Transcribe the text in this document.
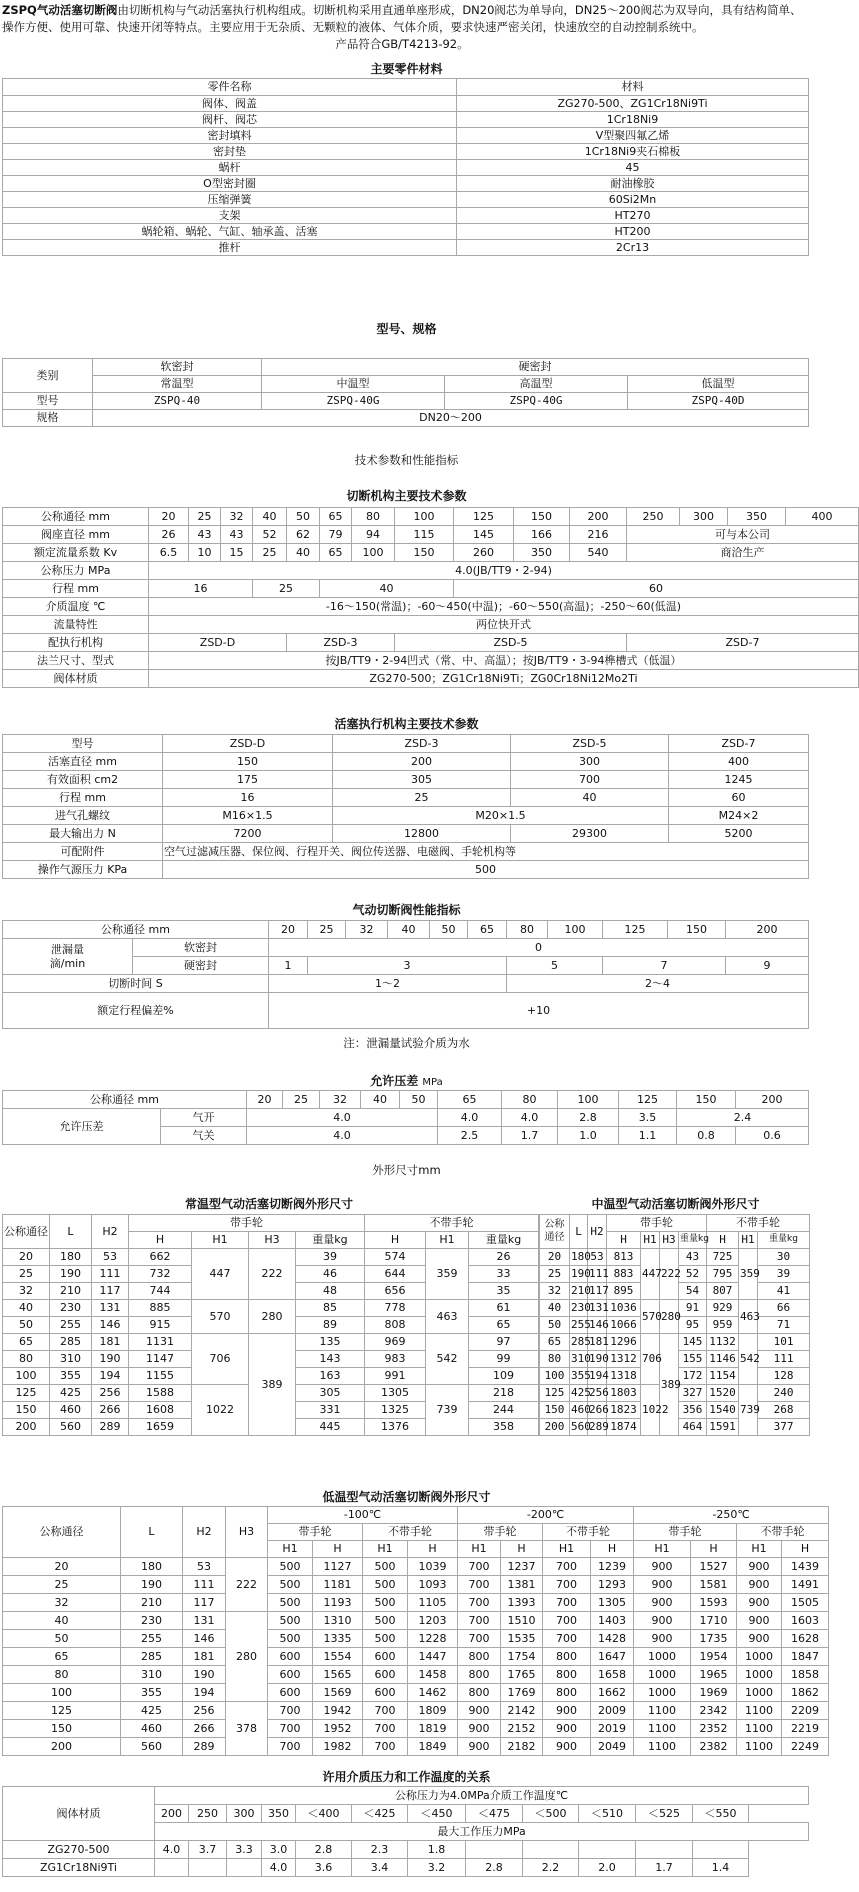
ZSPQ气动活塞切断阀由切断机构与气动活塞执行机构组成。切断机构采用直通单座形成，DN20阀芯为单导向，DN25～200阀芯为双导向，具有结构简单、操作方便、使用可靠、快速开闭等特点。主要应用于无杂质、无颗粒的液体、气体介质，要求快速严密关闭，快速放空的自动控制系统中。
产品符合GB/T4213-92。
主要零件材料
零件名称	材料
阀体、阀盖	ZG270-500、ZG1Cr18Ni9Ti
阀杆、阀芯	1Cr18Ni9
密封填料	V型聚四氟乙烯
密封垫	1Cr18Ni9夹石棉板
蜗杆	45
O型密封圈	耐油橡胶
压缩弹簧	60Si2Mn
支架	HT270
蜗轮箱、蜗轮、气缸、轴承盖、活塞	HT200
推杆	2Cr13
型号、规格
类别	软密封	硬密封		
	常温型	中温型	高温型	低温型
型号	ZSPQ-40	ZSPQ-40G	ZSPQ-40G	ZSPQ-40D
规格	DN20～200			
技术参数和性能指标
切断机构主要技术参数
公称通径 mm	20	25	32	40	50	65	80	100	125	150	200	250	300	350	400
阀座直径 mm	26	43	43	52	62	79	94	115	145	166	216	可与本公司			
额定流量系数 Kv	6.5	10	15	25	40	65	100	150	260	350	540	商洽生产			
公称压力 MPa	4.0(JB/TT9・2-94)														
行程 mm	16			25		40			60						
介质温度 ℃	-16～150(常温)；-60～450(中温)；-60～550(高温)；-250～60(低温)														
流量特性	两位快开式														
配执行机构	ZSD-D				ZSD-3			ZSD-5				ZSD-7			
法兰尺寸、型式	按JB/TT9・2-94凹式（常、中、高温）；按JB/TT9・3-94榫槽式（低温）														
阀体材质	ZG270-500；ZG1Cr18Ni9Ti；ZG0Cr18Ni12Mo2Ti														
活塞执行机构主要技术参数
型号	ZSD-D	ZSD-3	ZSD-5	ZSD-7
活塞直径 mm	150	200	300	400
有效面积 cm2	175	305	700	1245
行程 mm	16	25	40	60
进气孔螺纹	M16×1.5	M20×1.5		M24×2
最大输出力 N	7200	12800	29300	5200
可配附件	空气过滤减压器、保位阀、行程开关、阀位传送器、电磁阀、手轮机构等			
操作气源压力 KPa	500			
气动切断阀性能指标
公称通径 mm		20	25	32	40	50	65	80	100	125	150	200
泄漏量
滴/min	软密封	0										
	硬密封	1	3					5		7		9
切断时间 S		1～2						2～4				
额定行程偏差%		+10										
注：泄漏量试验介质为水
允许压差 MPa
公称通径 mm		20	25	32	40	50	65	80	100	125	150	200
允许压差	气开	4.0					4.0	4.0	2.8	3.5	2.4	
	气关	4.0					2.5	1.7	1.0	1.1	0.8	0.6
外形尺寸mm
常温型气动活塞切断阀外形尺寸
公称通径	L	H2	带手轮				不带手轮		
			H	H1	H3	重量kg	H	H1	重量kg
20	180	53	662	447	222	39	574	359	26
25	190	111	732			46	644		33
32	210	117	744			48	656		35
40	230	131	885	570	280	85	778	463	61
50	255	146	915			89	808		65
65	285	181	1131	706	389	135	969	542	97
80	310	190	1147			143	983		99
100	355	194	1155			163	991		109
125	425	256	1588	1022		305	1305	739	218
150	460	266	1608			331	1325		244
200	560	289	1659			445	1376		358
中温型气动活塞切断阀外形尺寸
公称
通径	L	H2	带手轮				不带手轮		
			H	H1	H3	重量kg	H	H1	重量kg
20	180	53	813	447	222	43	725	359	30
25	190	111	883			52	795		39
32	210	117	895			54	807		41
40	230	131	1036	570	280	91	929	463	66
50	255	146	1066			95	959		71
65	285	181	1296	706	389	145	1132	542	101
80	310	190	1312			155	1146		111
100	355	194	1318			172	1154		128
125	425	256	1803	1022		327	1520	739	240
150	460	266	1823			356	1540		268
200	560	289	1874			464	1591		377
低温型气动活塞切断阀外形尺寸
公称通径	L	H2	H3	-100℃				-200℃				-250℃			
				带手轮		不带手轮		带手轮		不带手轮		带手轮		不带手轮	
				H1	H	H1	H	H1	H	H1	H	H1	H	H1	H
20	180	53	222	500	1127	500	1039	700	1237	700	1239	900	1527	900	1439
25	190	111		500	1181	500	1093	700	1381	700	1293	900	1581	900	1491
32	210	117		500	1193	500	1105	700	1393	700	1305	900	1593	900	1505
40	230	131	280	500	1310	500	1203	700	1510	700	1403	900	1710	900	1603
50	255	146		500	1335	500	1228	700	1535	700	1428	900	1735	900	1628
65	285	181		600	1554	600	1447	800	1754	800	1647	1000	1954	1000	1847
80	310	190		600	1565	600	1458	800	1765	800	1658	1000	1965	1000	1858
100	355	194		600	1569	600	1462	800	1769	800	1662	1000	1969	1000	1862
125	425	256	378	700	1942	700	1809	900	2142	900	2009	1100	2342	1100	2209
150	460	266		700	1952	700	1819	900	2152	900	2019	1100	2352	1100	2219
200	560	289		700	1982	700	1849	900	2182	900	2049	1100	2382	1100	2249
许用介质压力和工作温度的关系
阀体材质	公称压力为4.0MPa介质工作温度℃											
	200	250	300	350	＜400	＜425	＜450	＜475	＜500	＜510	＜525	＜550
	最大工作压力MPa											
ZG270-500	4.0	3.7	3.3	3.0	2.8	2.3	1.8					
ZG1Cr18Ni9Ti				4.0	3.6	3.4	3.2	2.8	2.2	2.0	1.7	1.4
